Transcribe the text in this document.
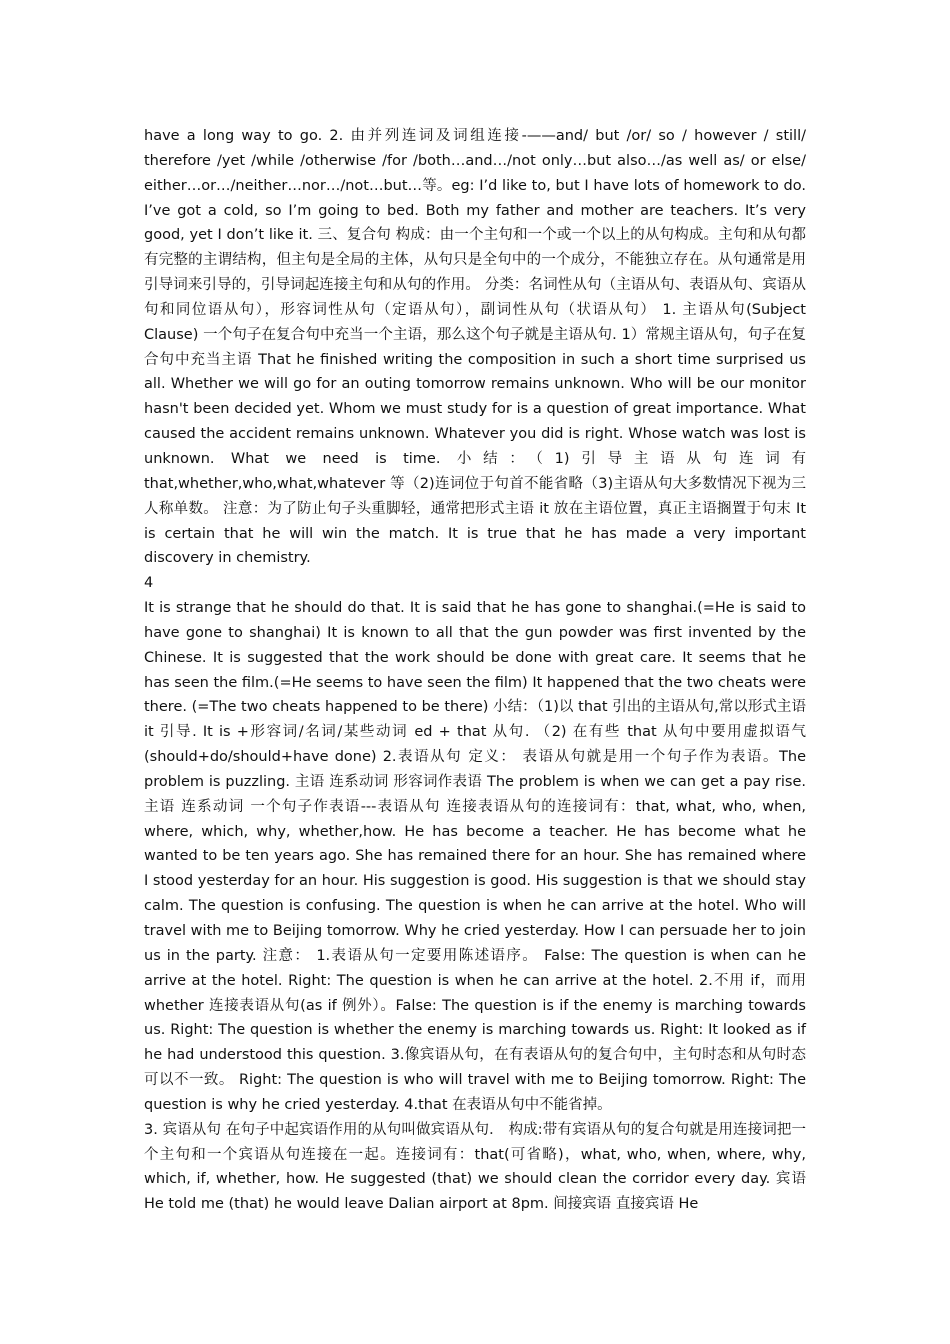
have a long way to go. 2. 由并列连词及词组连接-——and/ but /or/ so / however / still/ therefore /yet /while /otherwise /for /both…and…/not only…but also…/as well as/ or else/ either…or…/neither…nor…/not…but…等。eg: I’d like to, but I have lots of homework to do. I’ve got a cold, so I’m going to bed. Both my father and mother are teachers. It’s very good, yet I don’t like it. 三、复合句 构成：由一个主句和一个或一个以上的从句构成。主句和从句都有完整的主谓结构，但主句是全局的主体，从句只是全句中的一个成分，不能独立存在。从句通常是用引导词来引导的，引导词起连接主句和从句的作用。 分类：名词性从句（主语从句、表语从句、宾语从句和同位语从句），形容词性从句（定语从句），副词性从句（状语从句） 1. 主语从句(Subject Clause) 一个句子在复合句中充当一个主语，那么这个句子就是主语从句. 1）常规主语从句，句子在复合句中充当主语 That he finished writing the composition in such a short time surprised us all. Whether we will go for an outing tomorrow remains unknown. Who will be our monitor hasn't been decided yet. Whom we must study for is a question of great importance. What caused the accident remains unknown. Whatever you did is right. Whose watch was lost is unknown. What we need is time. 小结：（1)引导主语从句连词有 that,whether,who,what,whatever 等（2)连词位于句首不能省略（3)主语从句大多数情况下视为三人称单数。 注意：为了防止句子头重脚轻，通常把形式主语 it 放在主语位置，真正主语搁置于句末 It is certain that he will win the match. It is true that he has made a very important discovery in chemistry.

4

It is strange that he should do that. It is said that he has gone to shanghai.(=He is said to have gone to shanghai) It is known to all that the gun powder was first invented by the Chinese. It is suggested that the work should be done with great care. It seems that he has seen the film.(=He seems to have seen the film) It happened that the two cheats were there. (=The two cheats happened to be there) 小结：（1)以 that 引出的主语从句,常以形式主语 it 引导. It is +形容词/名词/某些动词 ed + that 从句. （2) 在有些 that 从句中要用虚拟语气 (should+do/should+have done) 2.表语从句 定义： 表语从句就是用一个句子作为表语。The problem is puzzling. 主语 连系动词 形容词作表语 The problem is when we can get a pay rise. 主语 连系动词 一个句子作表语---表语从句 连接表语从句的连接词有：that, what, who, when, where, which, why, whether,how. He has become a teacher. He has become what he wanted to be ten years ago. She has remained there for an hour. She has remained where I stood yesterday for an hour. His suggestion is good. His suggestion is that we should stay calm. The question is confusing. The question is when he can arrive at the hotel. Who will travel with me to Beijing tomorrow. Why he cried yesterday. How I can persuade her to join us in the party. 注意： 1.表语从句一定要用陈述语序。 False: The question is when can he arrive at the hotel. Right: The question is when he can arrive at the hotel. 2.不用 if，而用 whether 连接表语从句(as if 例外）。False: The question is if the enemy is marching towards us. Right: The question is whether the enemy is marching towards us. Right: It looked as if he had understood this question. 3.像宾语从句，在有表语从句的复合句中，主句时态和从句时态可以不一致。 Right: The question is who will travel with me to Beijing tomorrow. Right: The question is why he cried yesterday. 4.that 在表语从句中不能省掉。

3. 宾语从句 在句子中起宾语作用的从句叫做宾语从句． 构成:带有宾语从句的复合句就是用连接词把一个主句和一个宾语从句连接在一起。连接词有：that(可省略)，what, who, when, where, why, which, if, whether, how. He suggested (that) we should clean the corridor every day. 宾语 He told me (that) he would leave Dalian airport at 8pm. 间接宾语 直接宾语 He
